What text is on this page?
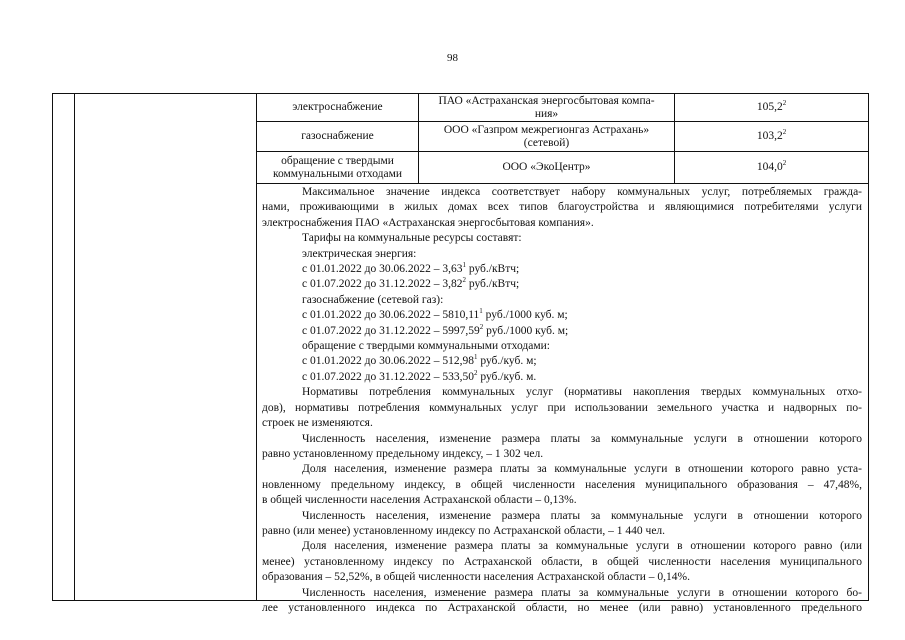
98
электроснабжение
ПАО «Астраханская энергосбытовая компа-
ния»
105,2$^2$
газоснабжение
ООО «Газпром межрегионгаз Астрахань»
(сетевой)
103,2$^2$
обращение с твердыми
коммунальными отходами
ООО «ЭкоЦентр»	104,0$^2$
Максимальное значение индекса соответствует набору коммунальных услуг, потребляемых гражда-
нами, проживающими в жилых домах всех типов благоустройства и являющимися потребителями услуги
электроснабжения ПАО «Астраханская энергосбытовая компания».
Тарифы на коммунальные ресурсы составят:
электрическая энергия:
с 01.01.2022 до 30.06.2022 – 3,63$^1$ руб./кВтч;
с 01.07.2022 до 31.12.2022 – 3,82$^2$ руб./кВтч;
газоснабжение (сетевой газ):
с 01.01.2022 до 30.06.2022 – 5810,11$^1$ руб./1000 куб. м;
с 01.07.2022 до 31.12.2022 – 5997,59$^2$ руб./1000 куб. м;
обращение с твердыми коммунальными отходами:
с 01.01.2022 до 30.06.2022 – 512,98$^1$ руб./куб. м;
с 01.07.2022 до 31.12.2022 – 533,50$^2$ руб./куб. м.
Нормативы потребления коммунальных услуг (нормативы накопления твердых коммунальных отхо-
дов), нормативы потребления коммунальных услуг при использовании земельного участка и надворных по-
строек не изменяются.
Численность населения, изменение размера платы за коммунальные услуги в отношении которого
равно установленному предельному индексу, – 1 302 чел.
Доля населения, изменение размера платы за коммунальные услуги в отношении которого равно уста-
новленному предельному индексу, в общей численности населения муниципального образования – 47,48%,
в общей численности населения Астраханской области – 0,13%.
Численность населения, изменение размера платы за коммунальные услуги в отношении которого
равно (или менее) установленному индексу по Астраханской области, – 1 440 чел.
Доля населения, изменение размера платы за коммунальные услуги в отношении которого равно (или
менее) установленному индексу по Астраханской области, в общей численности населения муниципального
образования – 52,52%, в общей численности населения Астраханской области – 0,14%.
Численность населения, изменение размера платы за коммунальные услуги в отношении которого бо-
лее установленного индекса по Астраханской области, но менее (или равно) установленного предельного
